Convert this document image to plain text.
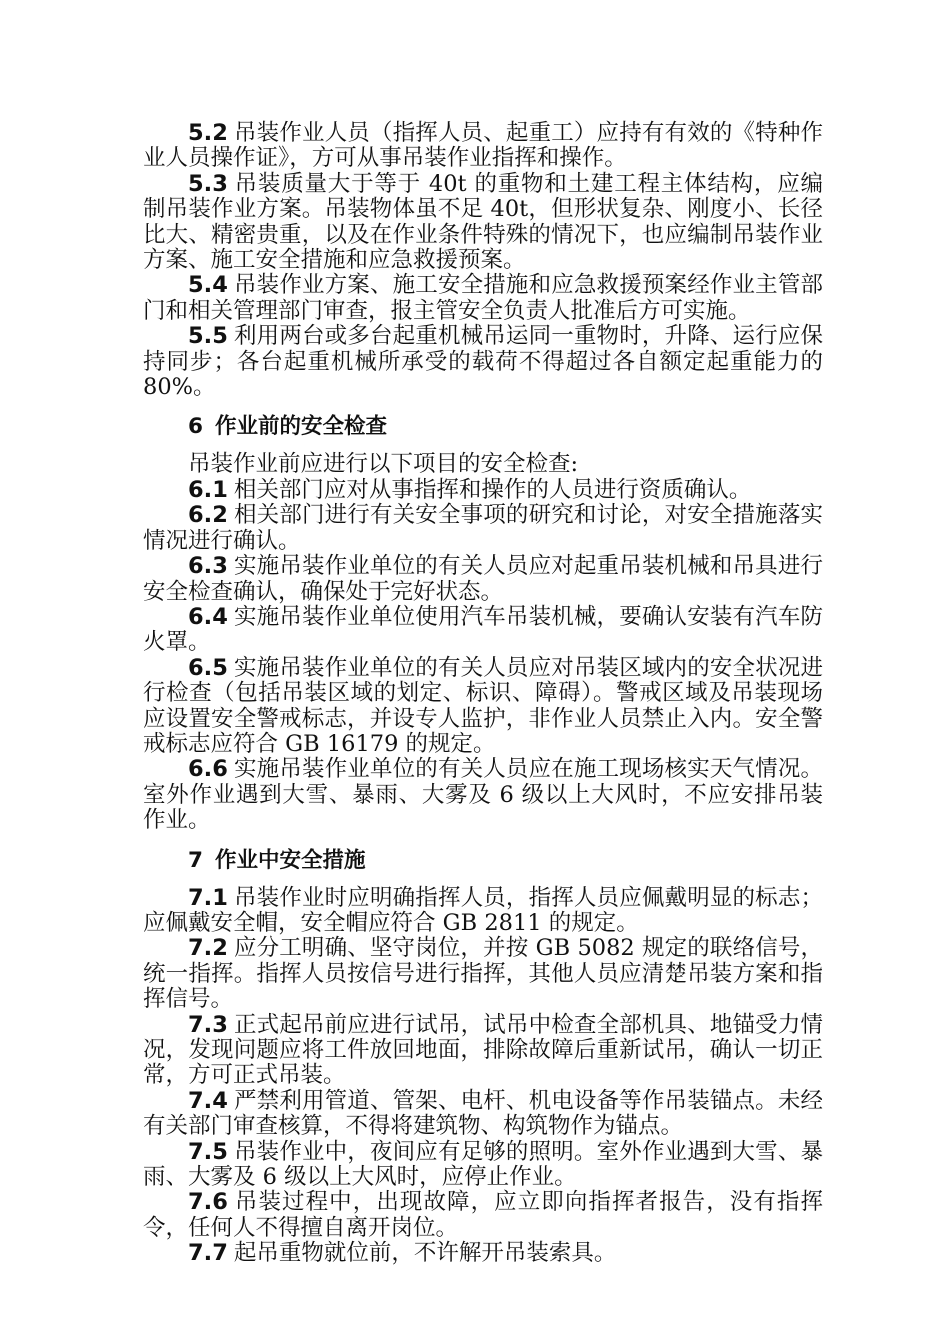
5.2 吊装作业人员（指挥人员、起重工）应持有有效的《特种作业人员操作证》，方可从事吊装作业指挥和操作。

5.3 吊装质量大于等于 40t 的重物和土建工程主体结构，应编制吊装作业方案。吊装物体虽不足 40t，但形状复杂、刚度小、长径比大、精密贵重，以及在作业条件特殊的情况下，也应编制吊装作业方案、施工安全措施和应急救援预案。

5.4 吊装作业方案、施工安全措施和应急救援预案经作业主管部门和相关管理部门审查，报主管安全负责人批准后方可实施。

5.5 利用两台或多台起重机械吊运同一重物时，升降、运行应保持同步；各台起重机械所承受的载荷不得超过各自额定起重能力的 80%。

6 作业前的安全检查

吊装作业前应进行以下项目的安全检查:

6.1 相关部门应对从事指挥和操作的人员进行资质确认。

6.2 相关部门进行有关安全事项的研究和讨论，对安全措施落实情况进行确认。

6.3 实施吊装作业单位的有关人员应对起重吊装机械和吊具进行安全检查确认，确保处于完好状态。

6.4 实施吊装作业单位使用汽车吊装机械，要确认安装有汽车防火罩。

6.5 实施吊装作业单位的有关人员应对吊装区域内的安全状况进行检查（包括吊装区域的划定、标识、障碍）。警戒区域及吊装现场应设置安全警戒标志，并设专人监护，非作业人员禁止入内。安全警戒标志应符合 GB 16179 的规定。

6.6 实施吊装作业单位的有关人员应在施工现场核实天气情况。室外作业遇到大雪、暴雨、大雾及 6 级以上大风时，不应安排吊装作业。

7 作业中安全措施

7.1 吊装作业时应明确指挥人员，指挥人员应佩戴明显的标志；应佩戴安全帽，安全帽应符合 GB 2811 的规定。

7.2 应分工明确、坚守岗位，并按 GB 5082 规定的联络信号，统一指挥。指挥人员按信号进行指挥，其他人员应清楚吊装方案和指挥信号。

7.3 正式起吊前应进行试吊，试吊中检查全部机具、地锚受力情况，发现问题应将工件放回地面，排除故障后重新试吊，确认一切正常，方可正式吊装。

7.4 严禁利用管道、管架、电杆、机电设备等作吊装锚点。未经有关部门审查核算，不得将建筑物、构筑物作为锚点。

7.5 吊装作业中，夜间应有足够的照明。室外作业遇到大雪、暴雨、大雾及 6 级以上大风时，应停止作业。

7.6 吊装过程中，出现故障，应立即向指挥者报告，没有指挥令，任何人不得擅自离开岗位。

7.7 起吊重物就位前，不许解开吊装索具。
